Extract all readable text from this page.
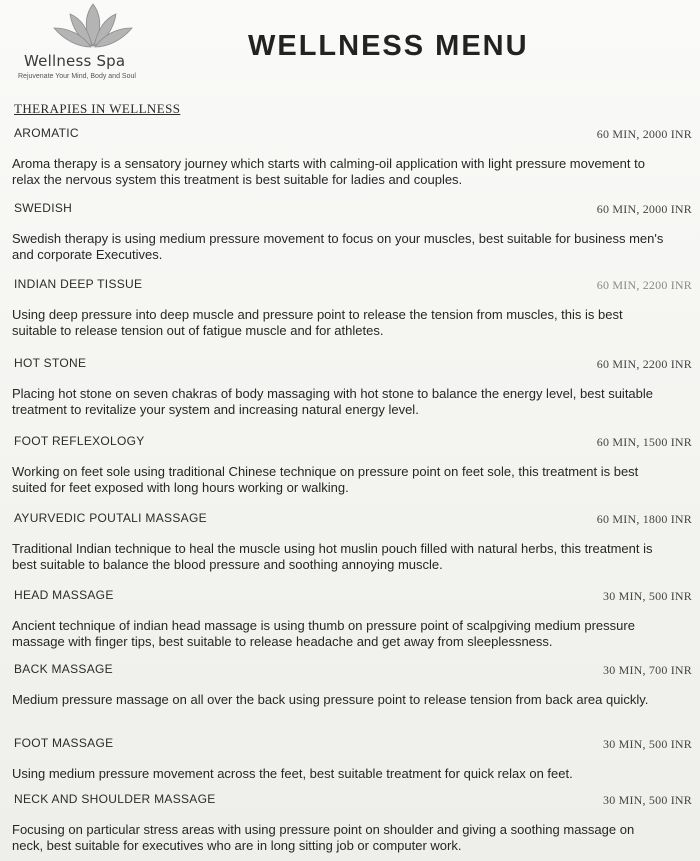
Wellness Spa
Rejuvenate Your Mind, Body and Soul
WELLNESS MENU
THERAPIES IN WELLNESS
AROMATIC	60 MIN, 2000 INR

Aroma therapy is a sensatory journey which starts with calming-oil application with light pressure movement to relax the nervous system this treatment is best suitable for ladies and couples.

SWEDISH	60 MIN, 2000 INR

Swedish therapy is using medium pressure movement to focus on your muscles, best suitable for business men's and corporate Executives.

INDIAN DEEP TISSUE	60 MIN, 2200 INR

Using deep pressure into deep muscle and pressure point to release the tension from muscles, this is best suitable to release tension out of fatigue muscle and for athletes.

HOT STONE	60 MIN, 2200 INR

Placing hot stone on seven chakras of body massaging with hot stone to balance the energy level, best suitable treatment to revitalize your system and increasing natural energy level.

FOOT REFLEXOLOGY	60 MIN, 1500 INR

Working on feet sole using traditional Chinese technique on pressure point on feet sole, this treatment is best suited for feet exposed with long hours working or walking.

AYURVEDIC POUTALI MASSAGE	60 MIN, 1800 INR

Traditional Indian technique to heal the muscle using hot muslin pouch filled with natural herbs, this treatment is best suitable to balance the blood pressure and soothing annoying muscle.

HEAD MASSAGE	30 MIN, 500 INR

Ancient technique of indian head massage is using thumb on pressure point of scalpgiving medium pressure massage with finger tips, best suitable to release headache and get away from sleeplessness.

BACK MASSAGE	30 MIN, 700 INR

Medium pressure massage on all over the back using pressure point to release tension from back area quickly.

FOOT MASSAGE	30 MIN, 500 INR

Using medium pressure movement across the feet, best suitable treatment for quick relax on feet.

NECK AND SHOULDER MASSAGE	30 MIN, 500 INR

Focusing on particular stress areas with using pressure point on shoulder and giving a soothing massage on neck, best suitable for executives who are in long sitting job or computer work.
